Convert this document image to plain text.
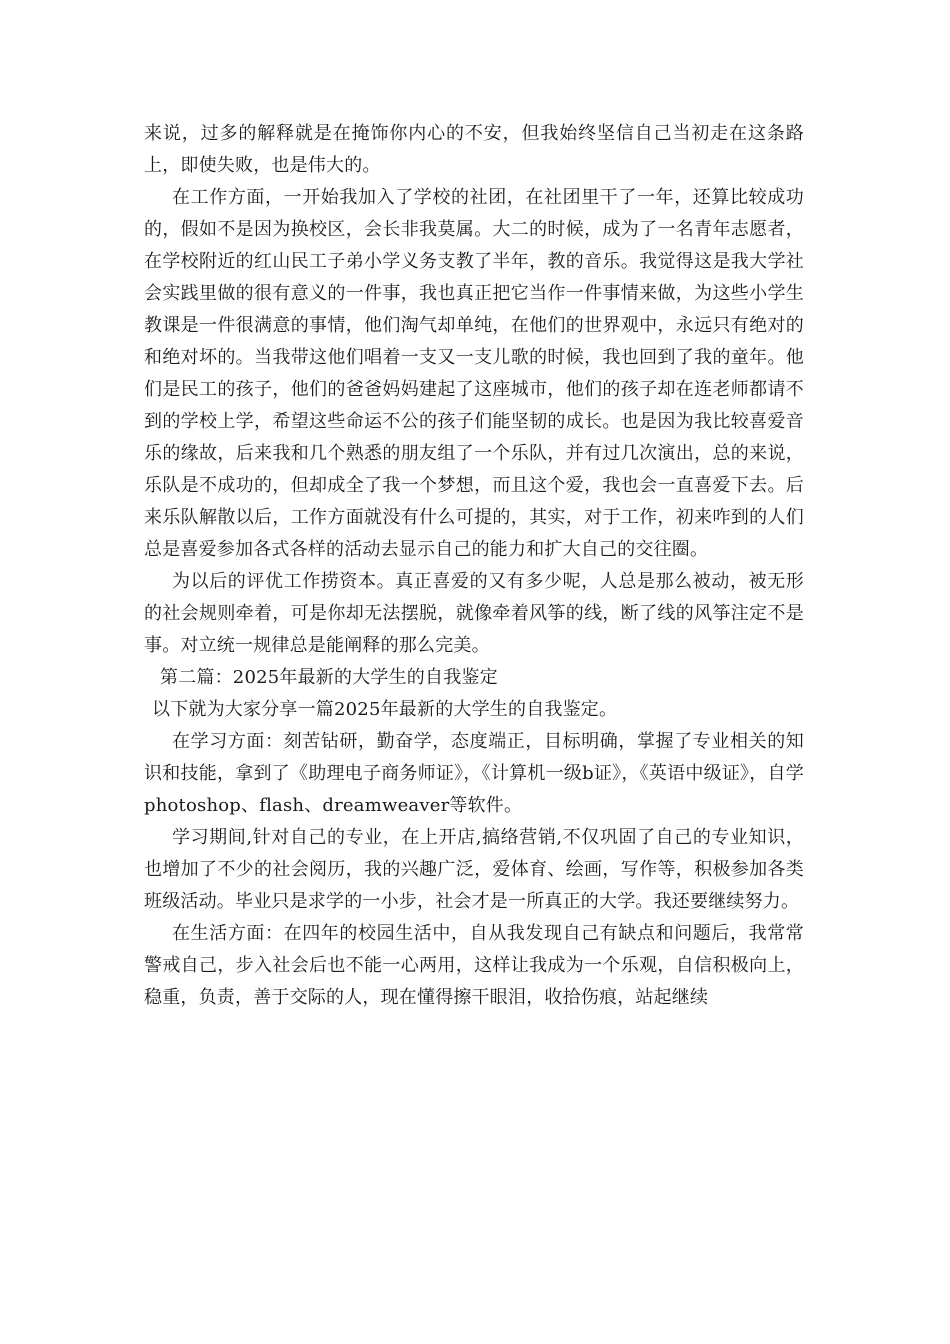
来说，过多的解释就是在掩饰你内心的不安，但我始终坚信自己当初走在这条路上，即使失败，也是伟大的。

在工作方面，一开始我加入了学校的社团，在社团里干了一年，还算比较成功的，假如不是因为换校区，会长非我莫属。大二的时候，成为了一名青年志愿者，在学校附近的红山民工子弟小学义务支教了半年，教的音乐。我觉得这是我大学社会实践里做的很有意义的一件事，我也真正把它当作一件事情来做，为这些小学生教课是一件很满意的事情，他们淘气却单纯，在他们的世界观中，永远只有绝对的和绝对坏的。当我带这他们唱着一支又一支儿歌的时候，我也回到了我的童年。他们是民工的孩子，他们的爸爸妈妈建起了这座城市，他们的孩子却在连老师都请不到的学校上学，希望这些命运不公的孩子们能坚韧的成长。也是因为我比较喜爱音乐的缘故，后来我和几个熟悉的朋友组了一个乐队，并有过几次演出，总的来说，乐队是不成功的，但却成全了我一个梦想，而且这个爱，我也会一直喜爱下去。后来乐队解散以后，工作方面就没有什么可提的，其实，对于工作，初来咋到的人们总是喜爱参加各式各样的活动去显示自己的能力和扩大自己的交往圈。

为以后的评优工作捞资本。真正喜爱的又有多少呢，人总是那么被动，被无形的社会规则牵着，可是你却无法摆脱，就像牵着风筝的线，断了线的风筝注定不是事。对立统一规律总是能阐释的那么完美。

第二篇：2025年最新的大学生的自我鉴定

以下就为大家分享一篇2025年最新的大学生的自我鉴定。

在学习方面：刻苦钻研，勤奋学，态度端正，目标明确，掌握了专业相关的知识和技能，拿到了《助理电子商务师证》，《计算机一级b证》，《英语中级证》，自学photoshop、flash、dreamweaver等软件。

学习期间,针对自己的专业，在上开店,搞络营销,不仅巩固了自己的专业知识，也增加了不少的社会阅历，我的兴趣广泛，爱体育、绘画，写作等，积极参加各类班级活动。毕业只是求学的一小步，社会才是一所真正的大学。我还要继续努力。

在生活方面：在四年的校园生活中，自从我发现自己有缺点和问题后，我常常警戒自己，步入社会后也不能一心两用，这样让我成为一个乐观，自信积极向上，稳重，负责，善于交际的人，现在懂得擦干眼泪，收拾伤痕，站起继续
